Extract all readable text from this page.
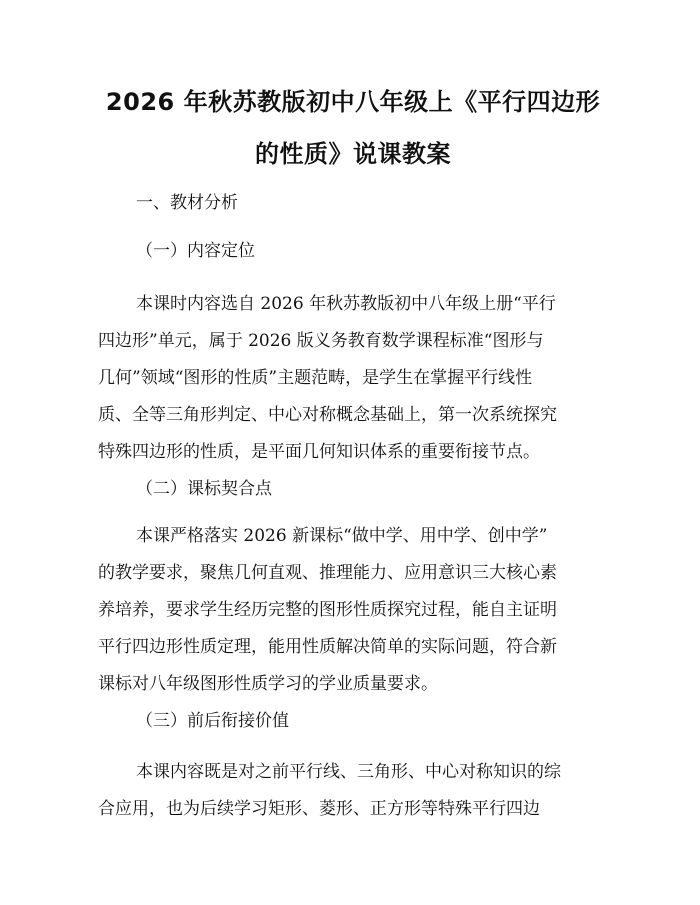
2026 年秋苏教版初中八年级上《平行四边形
的性质》说课教案

一、教材分析

（一）内容定位

本课时内容选自 2026 年秋苏教版初中八年级上册“平行
四边形”单元，属于 2026 版义务教育数学课程标准“图形与
几何”领域“图形的性质”主题范畴，是学生在掌握平行线性
质、全等三角形判定、中心对称概念基础上，第一次系统探究
特殊四边形的性质，是平面几何知识体系的重要衔接节点。

（二）课标契合点

本课严格落实 2026 新课标“做中学、用中学、创中学”
的教学要求，聚焦几何直观、推理能力、应用意识三大核心素
养培养，要求学生经历完整的图形性质探究过程，能自主证明
平行四边形性质定理，能用性质解决简单的实际问题，符合新
课标对八年级图形性质学习的学业质量要求。

（三）前后衔接价值

本课内容既是对之前平行线、三角形、中心对称知识的综
合应用，也为后续学习矩形、菱形、正方形等特殊平行四边
